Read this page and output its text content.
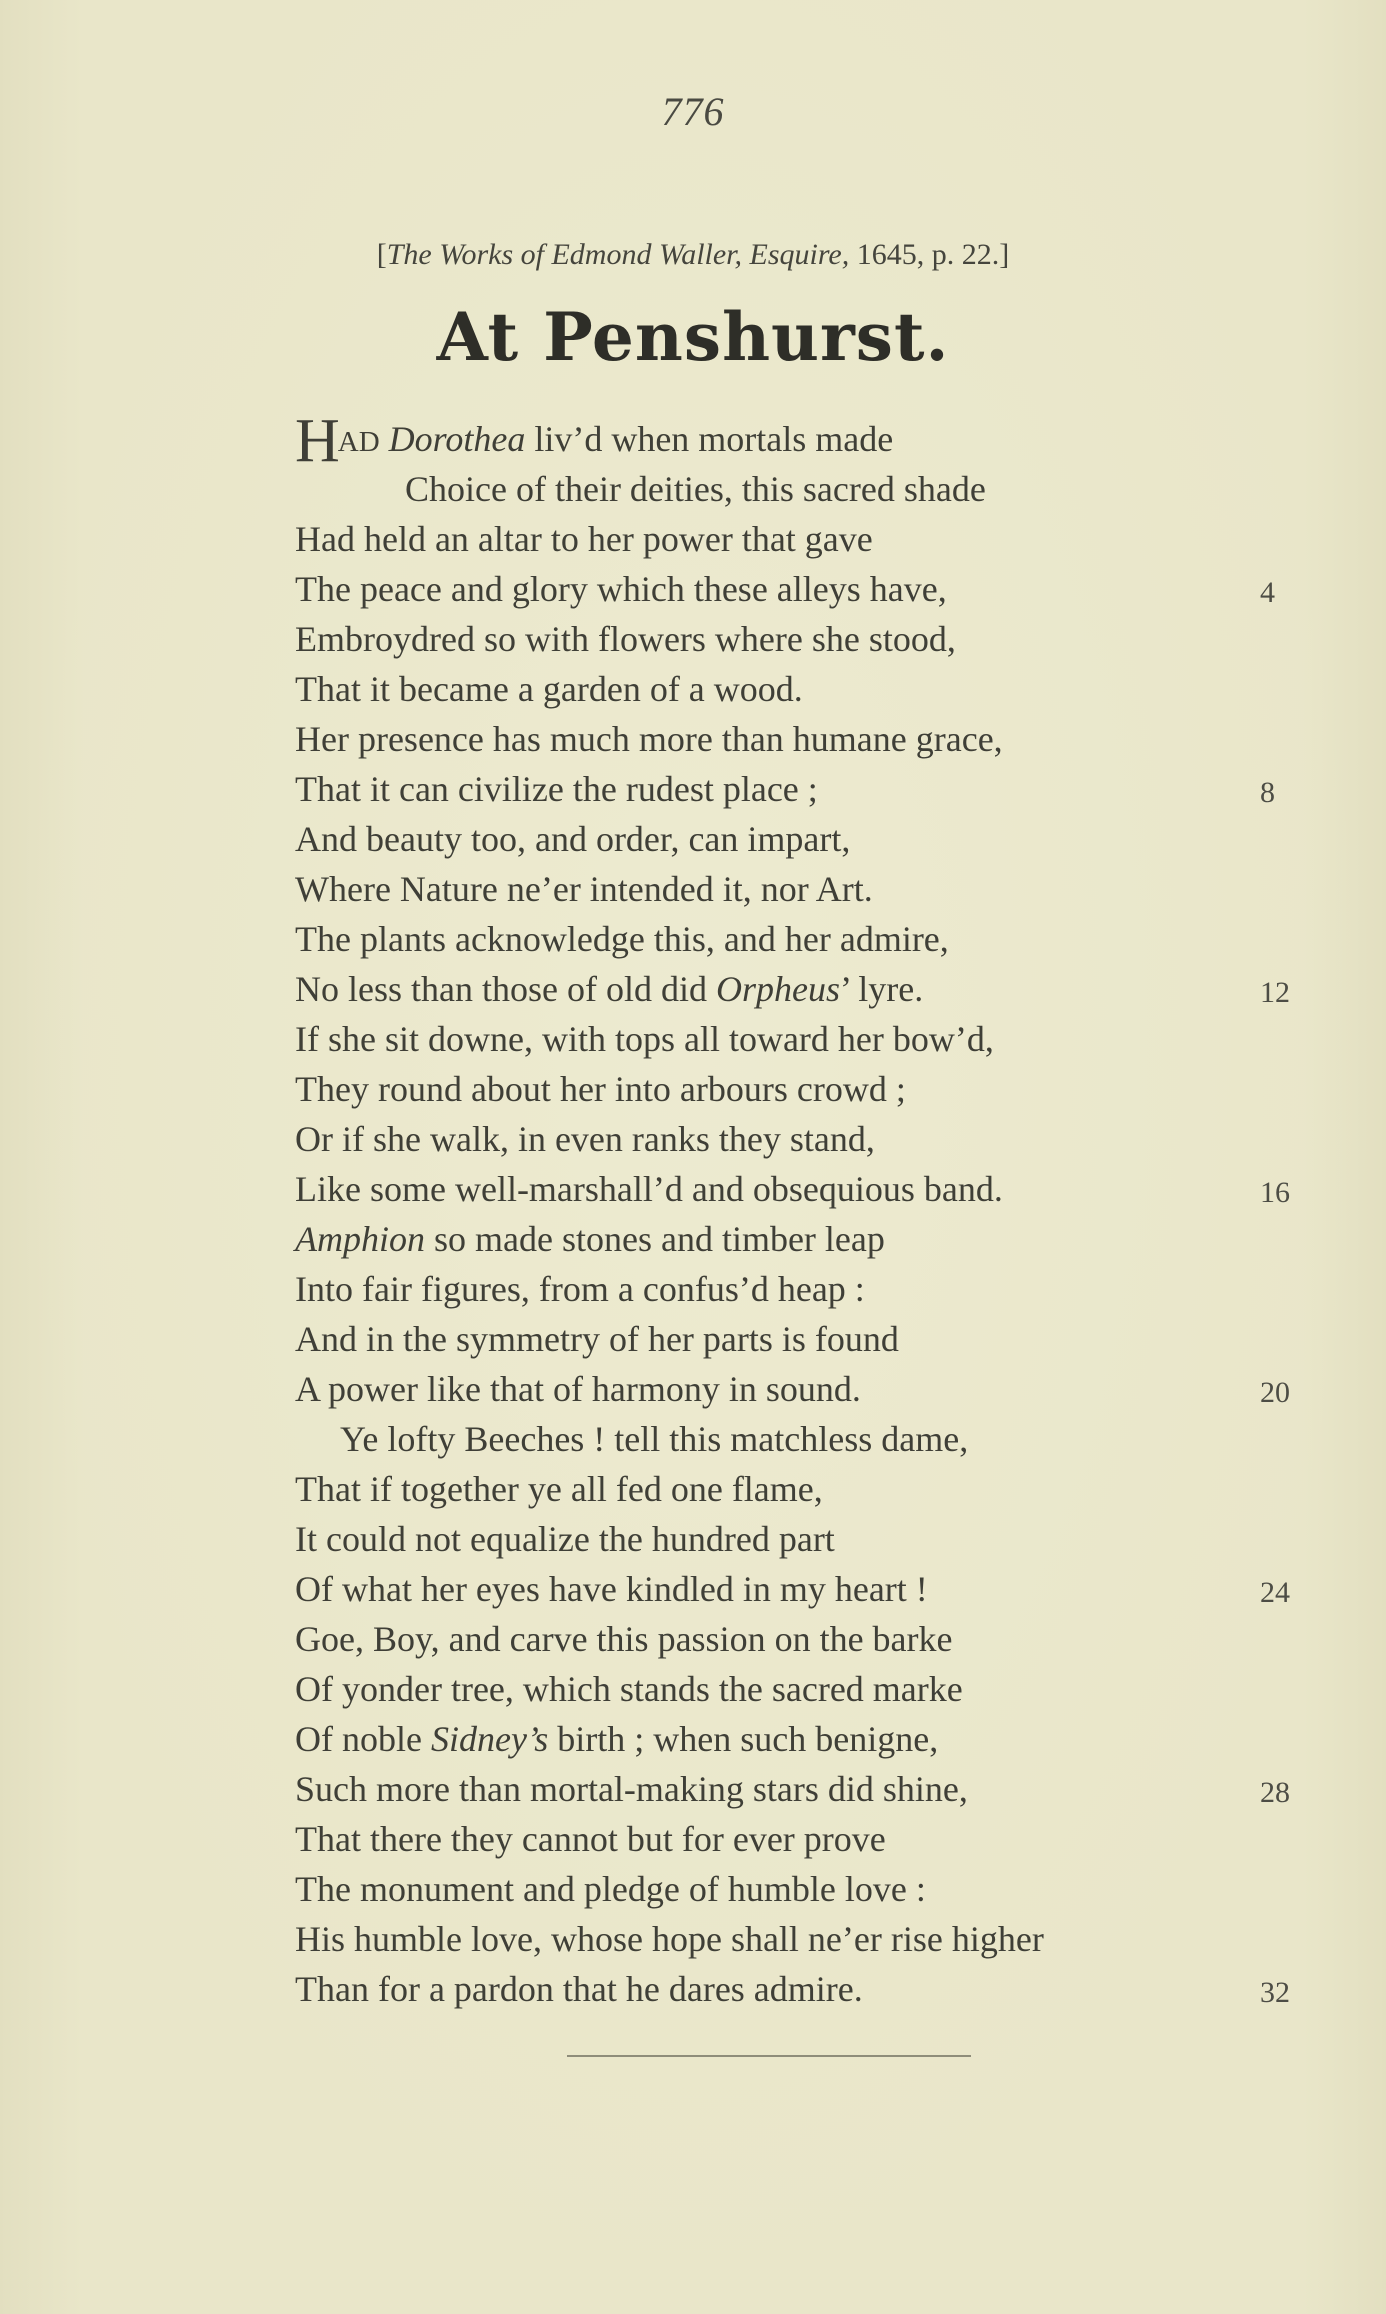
776
[The Works of Edmond Waller, Esquire, 1645, p. 22.]
At Penshurst.
HAD Dorothea liv’d when mortals made
Choice of their deities, this sacred shade
Had held an altar to her power that gave
The peace and glory which these alleys have,	4
Embroydred so with flowers where she stood,
That it became a garden of a wood.
Her presence has much more than humane grace,
That it can civilize the rudest place ;	8
And beauty too, and order, can impart,
Where Nature ne’er intended it, nor Art.
The plants acknowledge this, and her admire,
No less than those of old did Orpheus’ lyre.	12
If she sit downe, with tops all toward her bow’d,
They round about her into arbours crowd ;
Or if she walk, in even ranks they stand,
Like some well-marshall’d and obsequious band.	16
Amphion so made stones and timber leap
Into fair figures, from a confus’d heap :
And in the symmetry of her parts is found
A power like that of harmony in sound.	20
Ye lofty Beeches ! tell this matchless dame,
That if together ye all fed one flame,
It could not equalize the hundred part
Of what her eyes have kindled in my heart !	24
Goe, Boy, and carve this passion on the barke
Of yonder tree, which stands the sacred marke
Of noble Sidney’s birth ; when such benigne,
Such more than mortal-making stars did shine,	28
That there they cannot but for ever prove
The monument and pledge of humble love :
His humble love, whose hope shall ne’er rise higher
Than for a pardon that he dares admire.	32
